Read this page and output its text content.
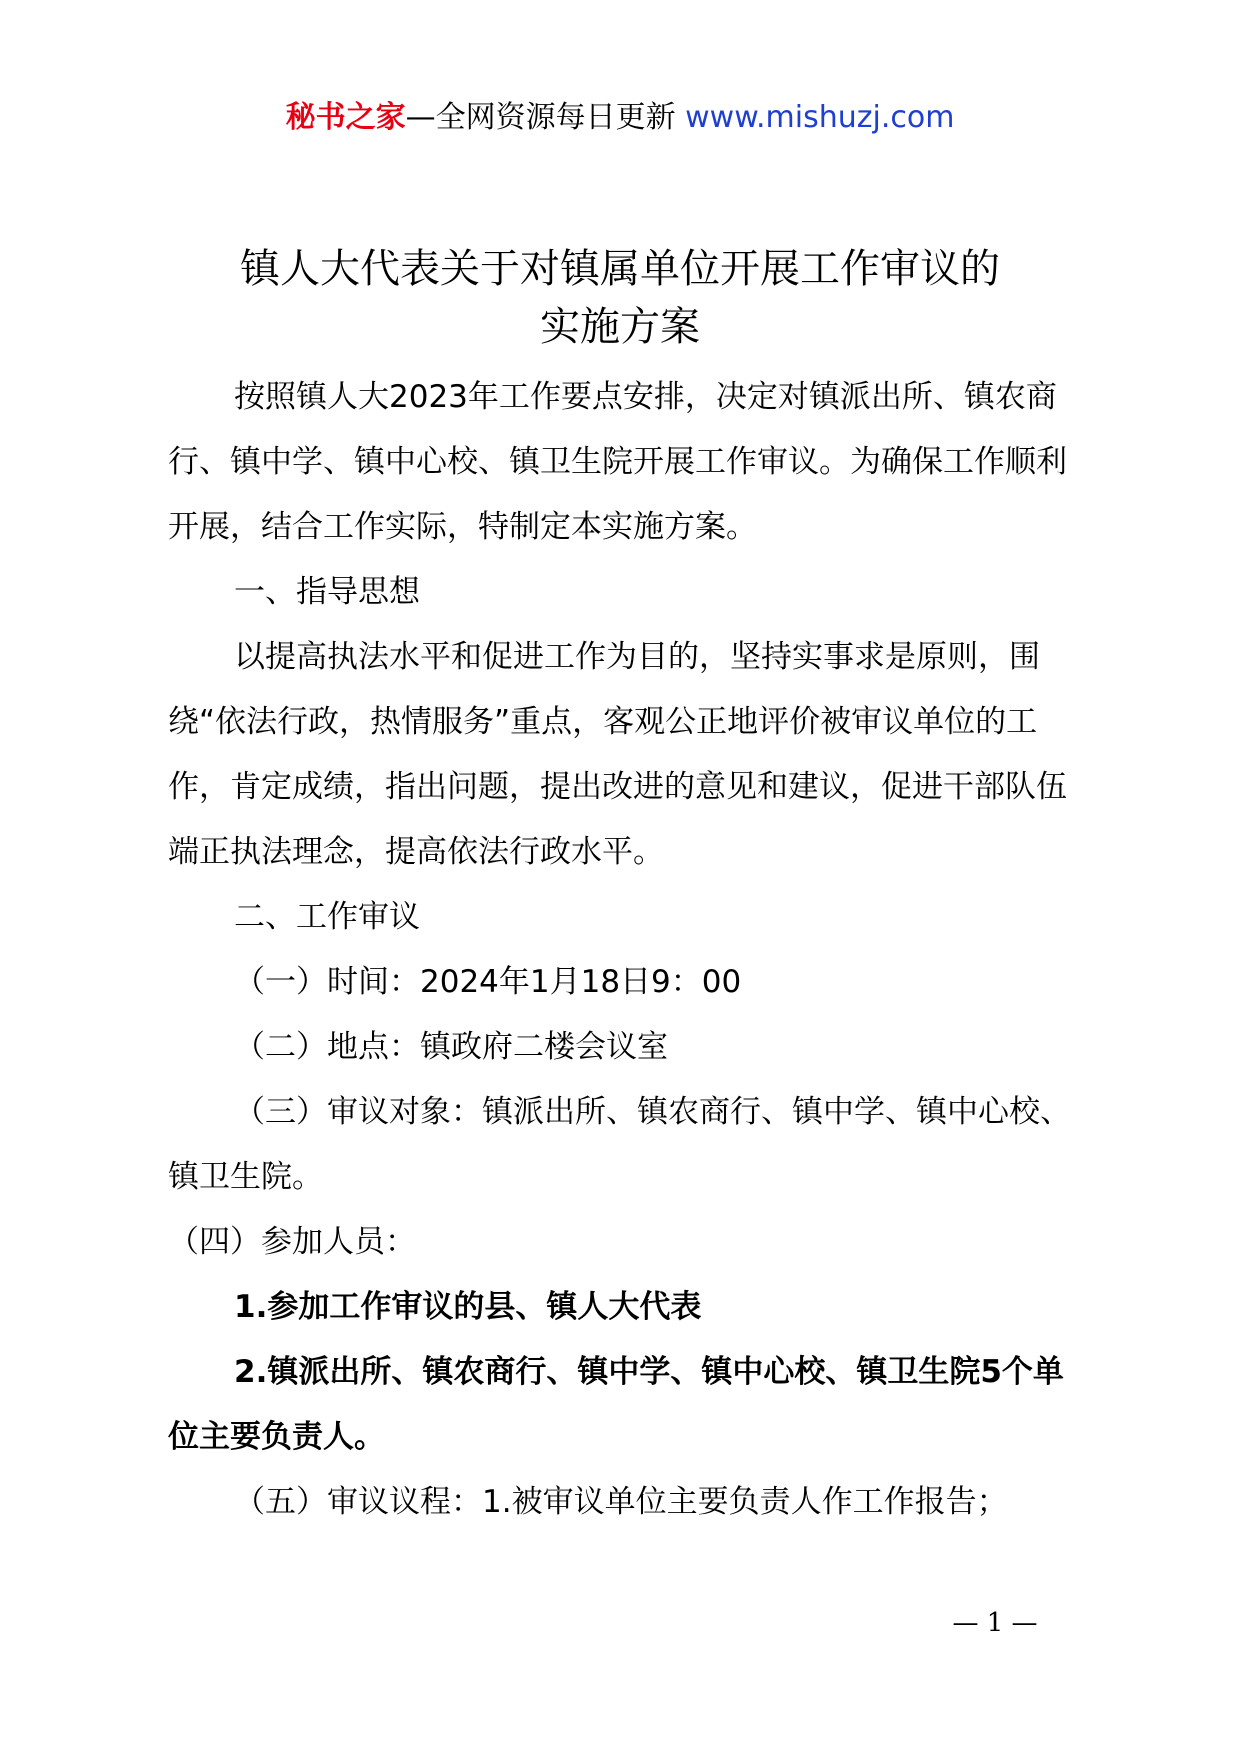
秘书之家—全网资源每日更新 www.mishuzj.com
镇人大代表关于对镇属单位开展工作审议的
实施方案

按照镇人大2023年工作要点安排，决定对镇派出所、镇农商行、镇中学、镇中心校、镇卫生院开展工作审议。为确保工作顺利开展，结合工作实际，特制定本实施方案。

一、指导思想

以提高执法水平和促进工作为目的，坚持实事求是原则，围绕“依法行政，热情服务”重点，客观公正地评价被审议单位的工作，肯定成绩，指出问题，提出改进的意见和建议，促进干部队伍端正执法理念，提高依法行政水平。

二、工作审议

（一）时间：2024年1月18日9：00

（二）地点：镇政府二楼会议室

（三）审议对象：镇派出所、镇农商行、镇中学、镇中心校、镇卫生院。

（四）参加人员：

1.参加工作审议的县、镇人大代表

2.镇派出所、镇农商行、镇中学、镇中心校、镇卫生院5个单位主要负责人。

（五）审议议程：1.被审议单位主要负责人作工作报告；

— 1 —
